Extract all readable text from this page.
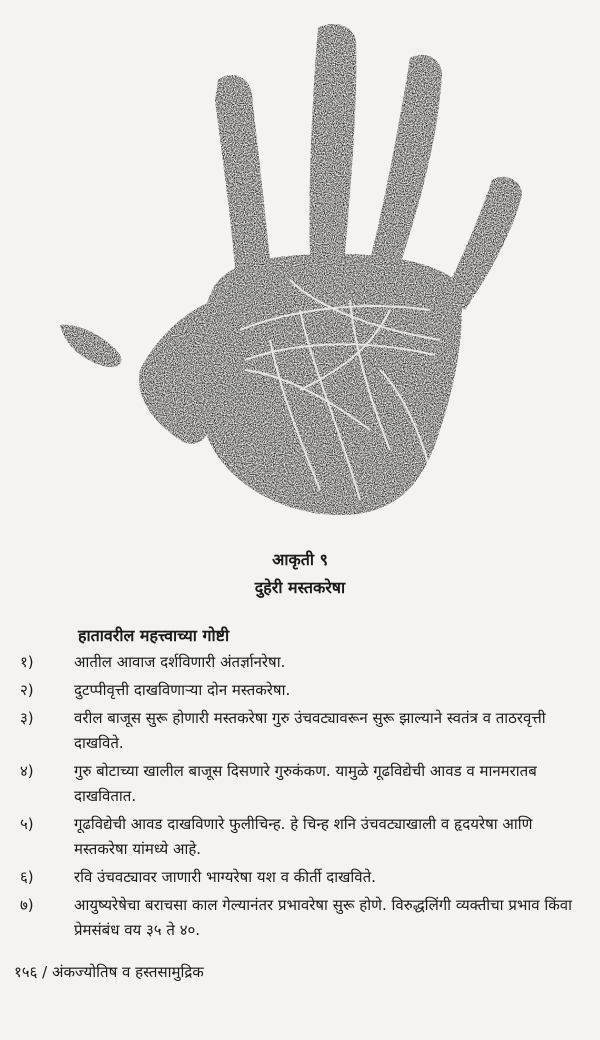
आकृती ९
दुहेरी मस्तकरेषा
हातावरील महत्त्वाच्या गोष्टी
१)	आतील आवाज दर्शविणारी अंतर्ज्ञानरेषा.
२)	दुटप्पीवृत्ती दाखविणाऱ्या दोन मस्तकरेषा.
३)	वरील बाजूस सुरू होणारी मस्तकरेषा गुरु उंचवट्यावरून सुरू झाल्याने स्वतंत्र व ताठरवृत्ती दाखविते.
४)	गुरु बोटाच्या खालील बाजूस दिसणारे गुरुकंकण. यामुळे गूढविद्येची आवड व मानमरातब दाखवितात.
५)	गूढविद्येची आवड दाखविणारे फुलीचिन्ह. हे चिन्ह शनि उंचवट्याखाली व हृदयरेषा आणि मस्तकरेषा यांमध्ये आहे.
६)	रवि उंचवट्यावर जाणारी भाग्यरेषा यश व कीर्ती दाखविते.
७)	आयुष्यरेषेचा बराचसा काल गेल्यानंतर प्रभावरेषा सुरू होणे. विरुद्धलिंगी व्यक्तीचा प्रभाव किंवा प्रेमसंबंध वय ३५ ते ४०.
१५६ / अंकज्योतिष व हस्तसामुद्रिक
